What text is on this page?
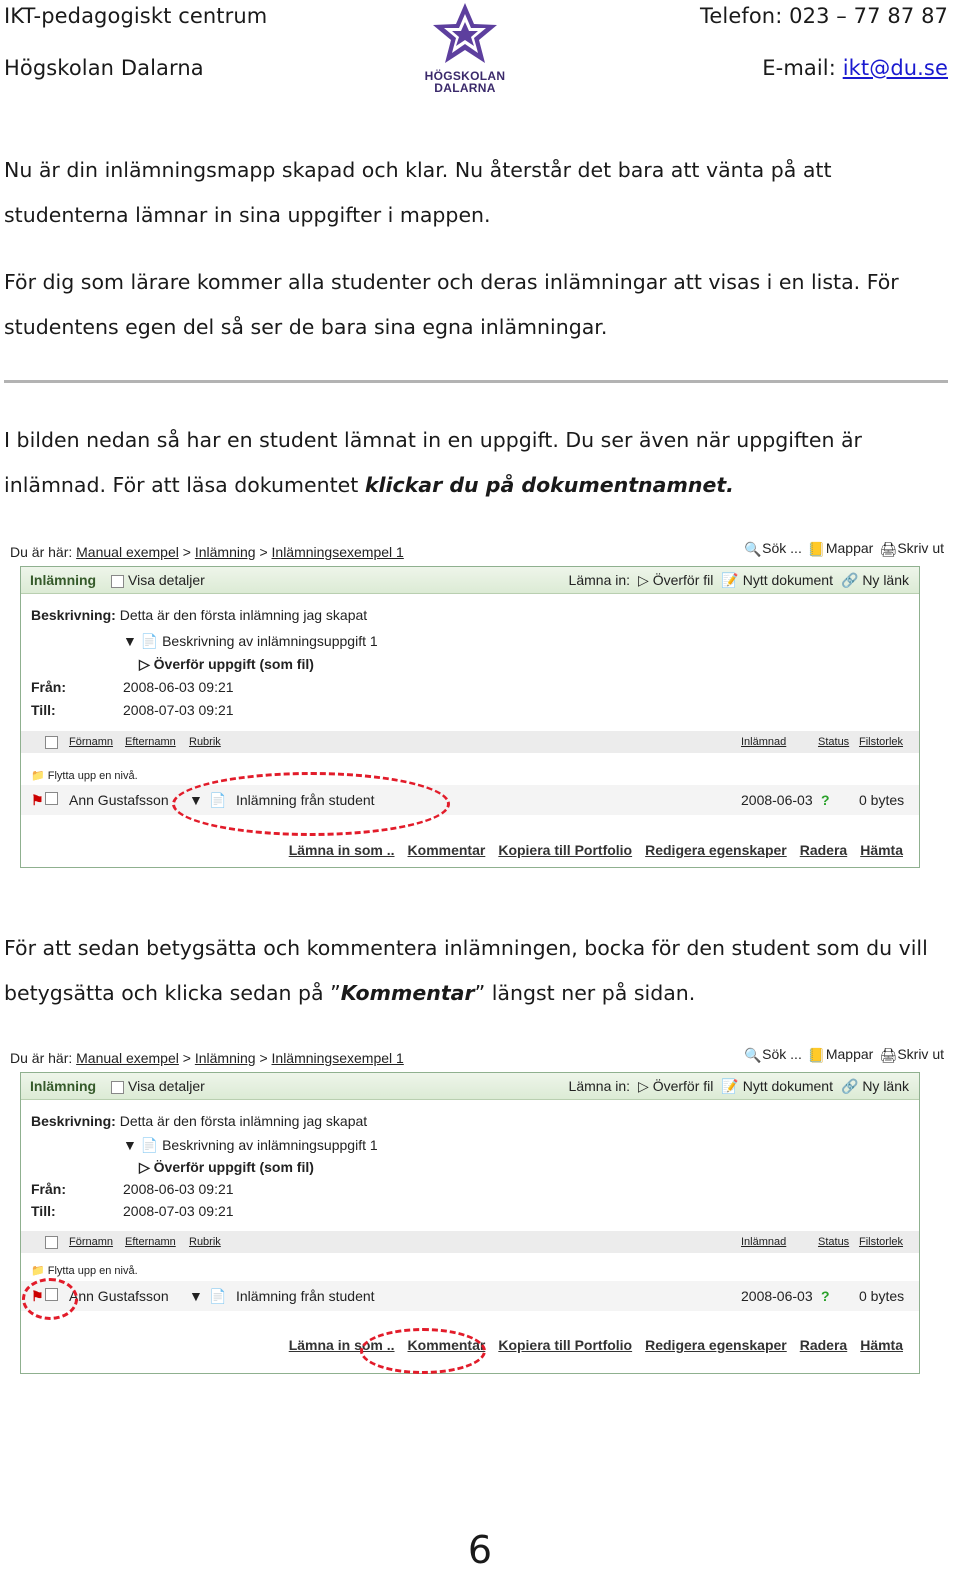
IKT-pedagogiskt centrum
Högskolan Dalarna
Telefon: 023 – 77 87 87
E-mail: ikt@du.se
HÖGSKOLAN
DALARNA

Nu är din inlämningsmapp skapad och klar. Nu återstår det bara att vänta på att studenterna lämnar in sina uppgifter i mappen.

För dig som lärare kommer alla studenter och deras inlämningar att visas i en lista. För studentens egen del så ser de bara sina egna inlämningar.

I bilden nedan så har en student lämnat in en uppgift. Du ser även när uppgiften är inlämnad. För att läsa dokumentet klickar du på dokumentnamnet.

Du är här: Manual exempel > Inlämning > Inlämningsexempel 1	🔍Sök ... 📒Mappar 🖨Skriv ut
Inlämning	Visa detaljer	Lämna in: ▷ Överför fil 📝 Nytt dokument 🔗 Ny länk
Beskrivning: Detta är den första inlämning jag skapat
▼ 📄 Beskrivning av inlämningsuppgift 1
▷ Överför uppgift (som fil)
Från:	2008-06-03 09:21
Till:	2008-07-03 09:21
Förnamn Efternamn Rubrik	Inlämnad	Status Filstorlek
📁 Flytta upp en nivå.
⚑ Ann Gustafsson ▼ 📄 Inlämning från student	2008-06-03 ? 0 bytes
Lämna in som .. Kommentar Kopiera till Portfolio Redigera egenskaper Radera Hämta

För att sedan betygsätta och kommentera inlämningen, bocka för den student som du vill betygsätta och klicka sedan på ”Kommentar” längst ner på sidan.

Du är här: Manual exempel > Inlämning > Inlämningsexempel 1	🔍Sök ... 📒Mappar 🖨Skriv ut
Inlämning	Visa detaljer	Lämna in: ▷ Överför fil 📝 Nytt dokument 🔗 Ny länk
Beskrivning: Detta är den första inlämning jag skapat
▼ 📄 Beskrivning av inlämningsuppgift 1
▷ Överför uppgift (som fil)
Från:	2008-06-03 09:21
Till:	2008-07-03 09:21
Förnamn Efternamn Rubrik	Inlämnad	Status Filstorlek
📁 Flytta upp en nivå.
⚑ Ann Gustafsson ▼ 📄 Inlämning från student	2008-06-03 ? 0 bytes
Lämna in som .. Kommentar Kopiera till Portfolio Redigera egenskaper Radera Hämta
6
